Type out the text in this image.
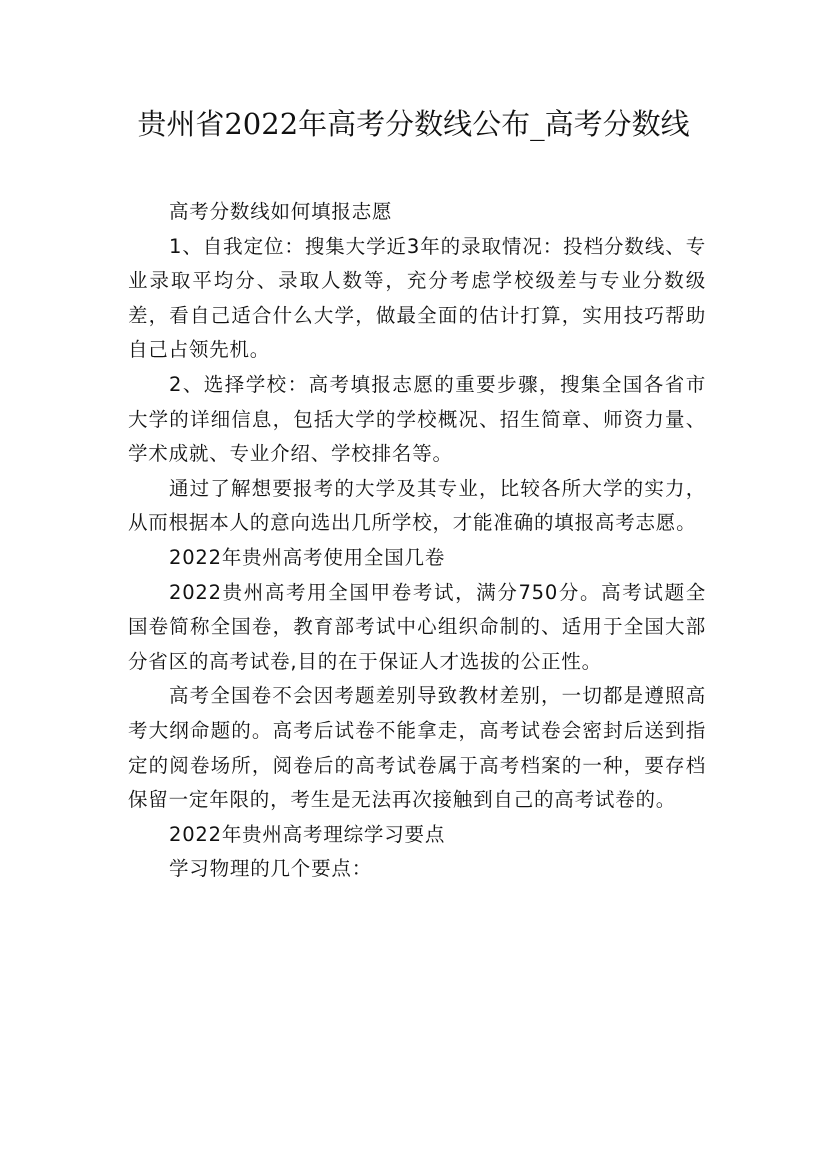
贵州省2022年高考分数线公布_高考分数线

高考分数线如何填报志愿

1、自我定位：搜集大学近3年的录取情况：投档分数线、专业录取平均分、录取人数等，充分考虑学校级差与专业分数级差，看自己适合什么大学，做最全面的估计打算，实用技巧帮助自己占领先机。

2、选择学校：高考填报志愿的重要步骤，搜集全国各省市大学的详细信息，包括大学的学校概况、招生简章、师资力量、学术成就、专业介绍、学校排名等。

通过了解想要报考的大学及其专业，比较各所大学的实力，从而根据本人的意向选出几所学校，才能准确的填报高考志愿。

2022年贵州高考使用全国几卷

2022贵州高考用全国甲卷考试，满分750分。高考试题全国卷简称全国卷，教育部考试中心组织命制的、适用于全国大部分省区的高考试卷,目的在于保证人才选拔的公正性。

高考全国卷不会因考题差别导致教材差别，一切都是遵照高考大纲命题的。高考后试卷不能拿走，高考试卷会密封后送到指定的阅卷场所，阅卷后的高考试卷属于高考档案的一种，要存档保留一定年限的，考生是无法再次接触到自己的高考试卷的。

2022年贵州高考理综学习要点

学习物理的几个要点：
